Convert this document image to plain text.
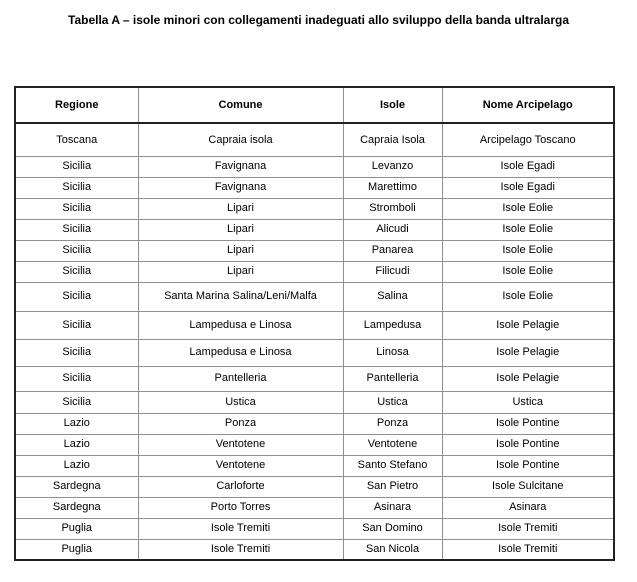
Tabella A – isole minori con collegamenti inadeguati allo sviluppo della banda ultralarga
Regione	Comune	Isole	Nome Arcipelago
Toscana	Capraia isola	Capraia Isola	Arcipelago Toscano
Sicilia	Favignana	Levanzo	Isole Egadi
Sicilia	Favignana	Marettimo	Isole Egadi
Sicilia	Lipari	Stromboli	Isole Eolie
Sicilia	Lipari	Alicudi	Isole Eolie
Sicilia	Lipari	Panarea	Isole Eolie
Sicilia	Lipari	Filicudi	Isole Eolie
Sicilia	Santa Marina Salina/Leni/Malfa	Salina	Isole Eolie
Sicilia	Lampedusa e Linosa	Lampedusa	Isole Pelagie
Sicilia	Lampedusa e Linosa	Linosa	Isole Pelagie
Sicilia	Pantelleria	Pantelleria	Isole Pelagie
Sicilia	Ustica	Ustica	Ustica
Lazio	Ponza	Ponza	Isole Pontine
Lazio	Ventotene	Ventotene	Isole Pontine
Lazio	Ventotene	Santo Stefano	Isole Pontine
Sardegna	Carloforte	San Pietro	Isole Sulcitane
Sardegna	Porto Torres	Asinara	Asinara
Puglia	Isole Tremiti	San Domino	Isole Tremiti
Puglia	Isole Tremiti	San Nicola	Isole Tremiti
